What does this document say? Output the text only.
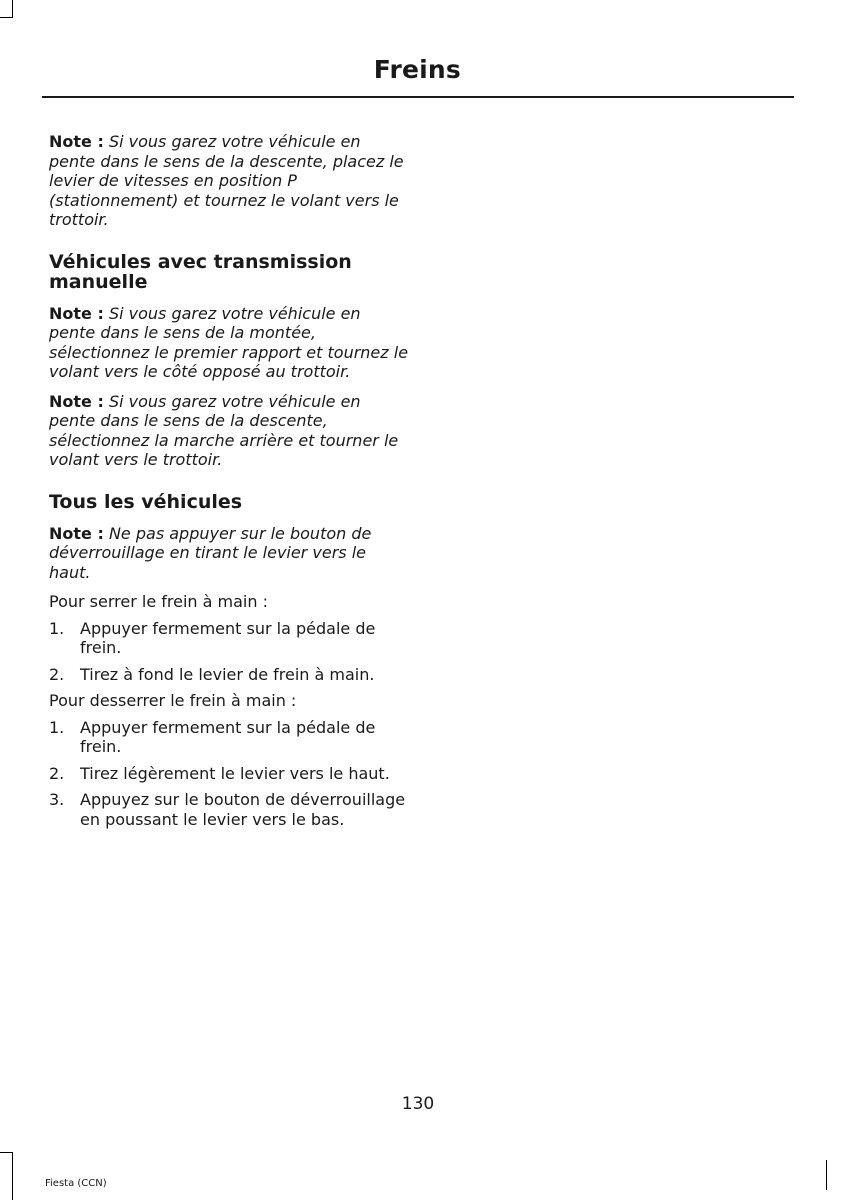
Freins

Note : Si vous garez votre véhicule en pente dans le sens de la descente, placez le levier de vitesses en position P (stationnement) et tournez le volant vers le trottoir.

Véhicules avec transmission manuelle

Note : Si vous garez votre véhicule en pente dans le sens de la montée, sélectionnez le premier rapport et tournez le volant vers le côté opposé au trottoir.

Note : Si vous garez votre véhicule en pente dans le sens de la descente, sélectionnez la marche arrière et tourner le volant vers le trottoir.

Tous les véhicules

Note : Ne pas appuyer sur le bouton de déverrouillage en tirant le levier vers le haut.

Pour serrer le frein à main :

1. Appuyer fermement sur la pédale de frein.
2. Tirez à fond le levier de frein à main.

Pour desserrer le frein à main :

1. Appuyer fermement sur la pédale de frein.
2. Tirez légèrement le levier vers le haut.
3. Appuyez sur le bouton de déverrouillage en poussant le levier vers le bas.
130
Fiesta (CCN)
